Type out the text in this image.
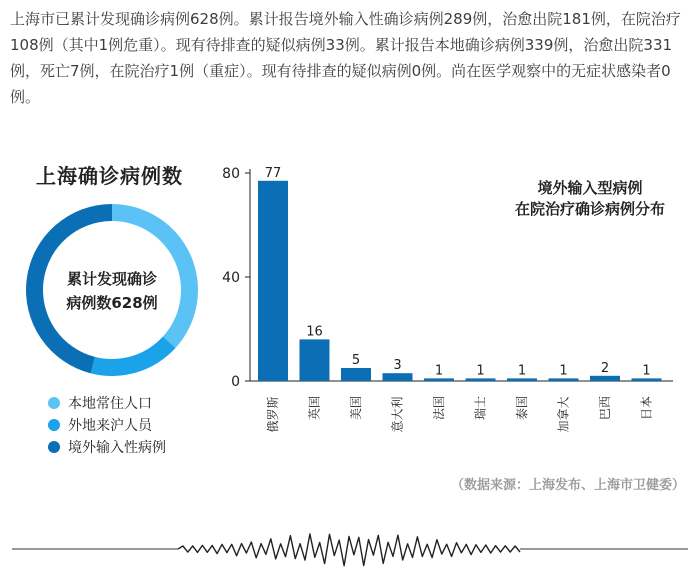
上海市已累计发现确诊病例628例。累计报告境外输入性确诊病例289例，治愈出院181例，在院治疗108例（其中1例危重）。现有待排查的疑似病例33例。累计报告本地确诊病例339例，治愈出院331例，死亡7例，在院治疗1例（重症）。现有待排查的疑似病例0例。尚在医学观察中的无症状感染者0例。

上海确诊病例数
累计发现确诊
病例数628例
0
40
80 77
俄罗斯
16
英国
5
美国
3
意大利
1
法国
1
瑞士
1
泰国
1
加拿大
2
巴西
1
日本
境外输入型病例
在院治疗确诊病例分布
本地常住人口
外地来沪人员
境外输入性病例
（数据来源：上海发布、上海市卫健委）
